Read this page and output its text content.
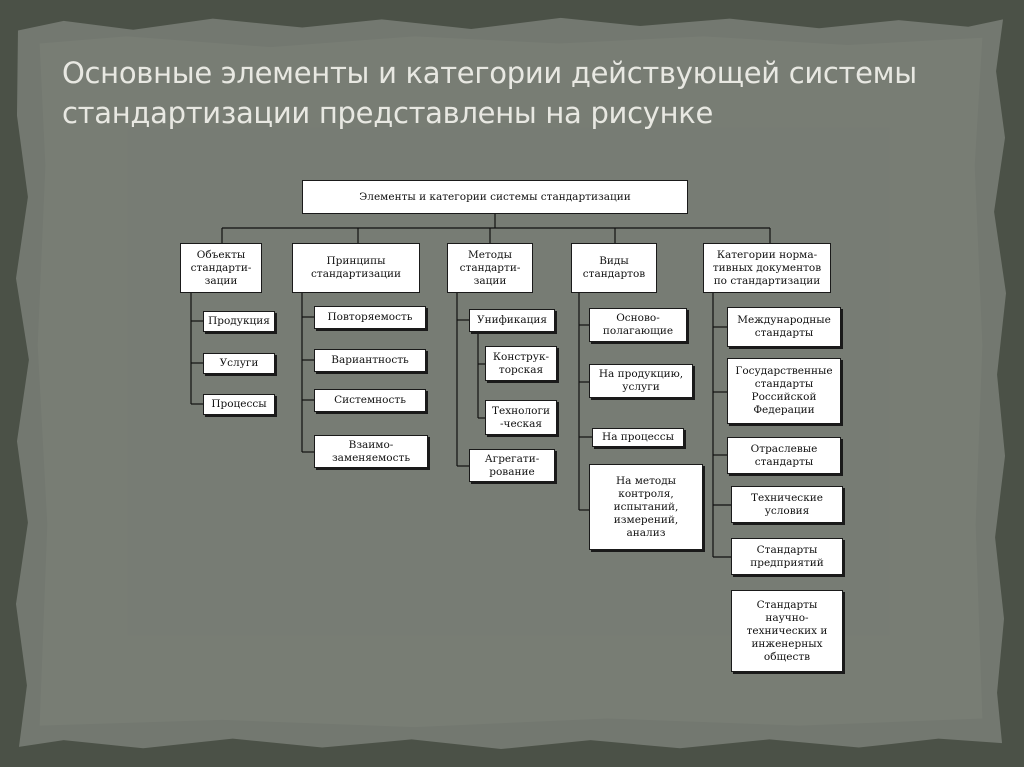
Основные элементы и категории действующей системы
стандартизации представлены на рисунке
Элементы и категории системы стандартизации
Объекты
стандарти-
зации
Принципы
стандартизации
Методы
стандарти-
зации
Виды
стандартов
Категории норма-
тивных документов
по стандартизации
Продукция
Услуги
Процессы
Повторяемость
Вариантность
Системность
Взаимо-
заменяемость
Унификация
Конструк-
торская
Технологи
-ческая
Агрегати-
рование
Осново-
полагающие
На продукцию,
услуги
На процессы
На методы
контроля,
испытаний,
измерений,
анализ
Международные
стандарты
Государственные
стандарты
Российской
Федерации
Отраслевые
стандарты
Технические
условия
Стандарты
предприятий
Стандарты
научно-
технических и
инженерных
обществ
